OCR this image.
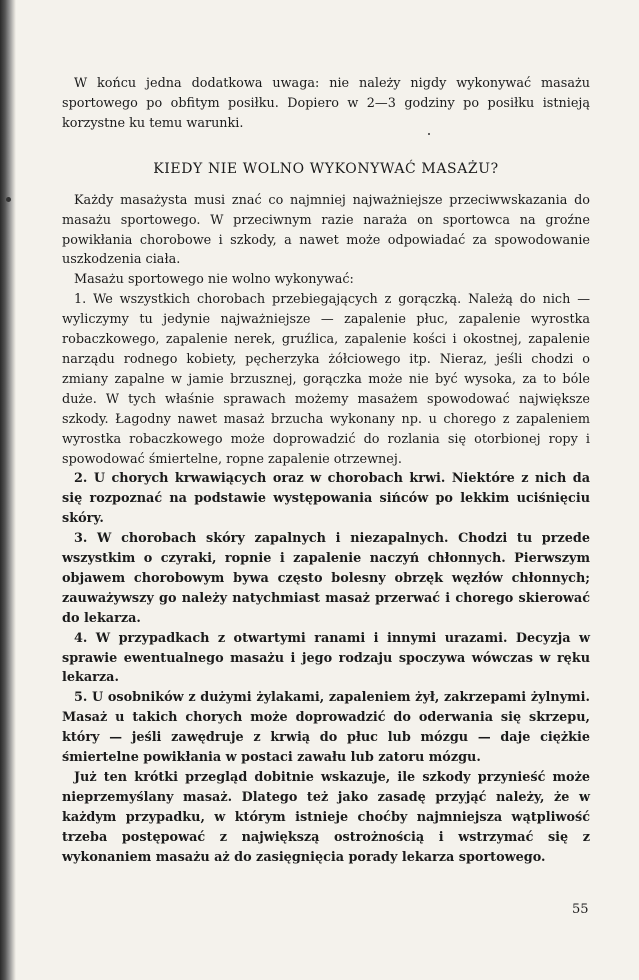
W końcu jedna dodatkowa uwaga: nie należy nigdy wykonywać masażu sportowego po obfitym posiłku. Dopiero w 2—3 godziny po posiłku istnieją korzystne ku temu warunki.

KIEDY NIE WOLNO WYKONYWAĆ MASAŻU?

Każdy masażysta musi znać co najmniej najważniejsze przeciwwskazania do masażu sportowego. W przeciwnym razie naraża on sportowca na groźne powikłania chorobowe i szkody, a nawet może odpowiadać za spowodowanie uszkodzenia ciała.

Masażu sportowego nie wolno wykonywać:

1. We wszystkich chorobach przebiegających z gorączką. Należą do nich — wyliczymy tu jedynie najważniejsze — zapalenie płuc, zapalenie wyrostka robaczkowego, zapalenie nerek, gruźlica, zapalenie kości i okostnej, zapalenie narządu rodnego kobiety, pęcherzyka żółciowego itp. Nieraz, jeśli chodzi o zmiany zapalne w jamie brzusznej, gorączka może nie być wysoka, za to bóle duże. W tych właśnie sprawach możemy masażem spowodować największe szkody. Łagodny nawet masaż brzucha wykonany np. u chorego z zapaleniem wyrostka robaczkowego może doprowadzić do rozlania się otorbionej ropy i spowodować śmiertelne, ropne zapalenie otrzewnej.

2. U chorych krwawiących oraz w chorobach krwi. Niektóre z nich da się rozpoznać na podstawie występowania sińców po lekkim uciśnięciu skóry.

3. W chorobach skóry zapalnych i niezapalnych. Chodzi tu przede wszystkim o czyraki, ropnie i zapalenie naczyń chłonnych. Pierwszym objawem chorobowym bywa często bolesny obrzęk węzłów chłonnych; zauważywszy go należy natychmiast masaż przerwać i chorego skierować do lekarza.

4. W przypadkach z otwartymi ranami i innymi urazami. Decyzja w sprawie ewentualnego masażu i jego rodzaju spoczywa wówczas w ręku lekarza.

5. U osobników z dużymi żylakami, zapaleniem żył, zakrzepami żylnymi. Masaż u takich chorych może doprowadzić do oderwania się skrzepu, który — jeśli zawędruje z krwią do płuc lub mózgu — daje ciężkie śmiertelne powikłania w postaci zawału lub zatoru mózgu.

Już ten krótki przegląd dobitnie wskazuje, ile szkody przynieść może nieprzemyślany masaż. Dlatego też jako zasadę przyjąć należy, że w każdym przypadku, w którym istnieje choćby najmniejsza wątpliwość trzeba postępować z największą ostrożnością i wstrzymać się z wykonaniem masażu aż do zasięgnięcia porady lekarza sportowego.

55
